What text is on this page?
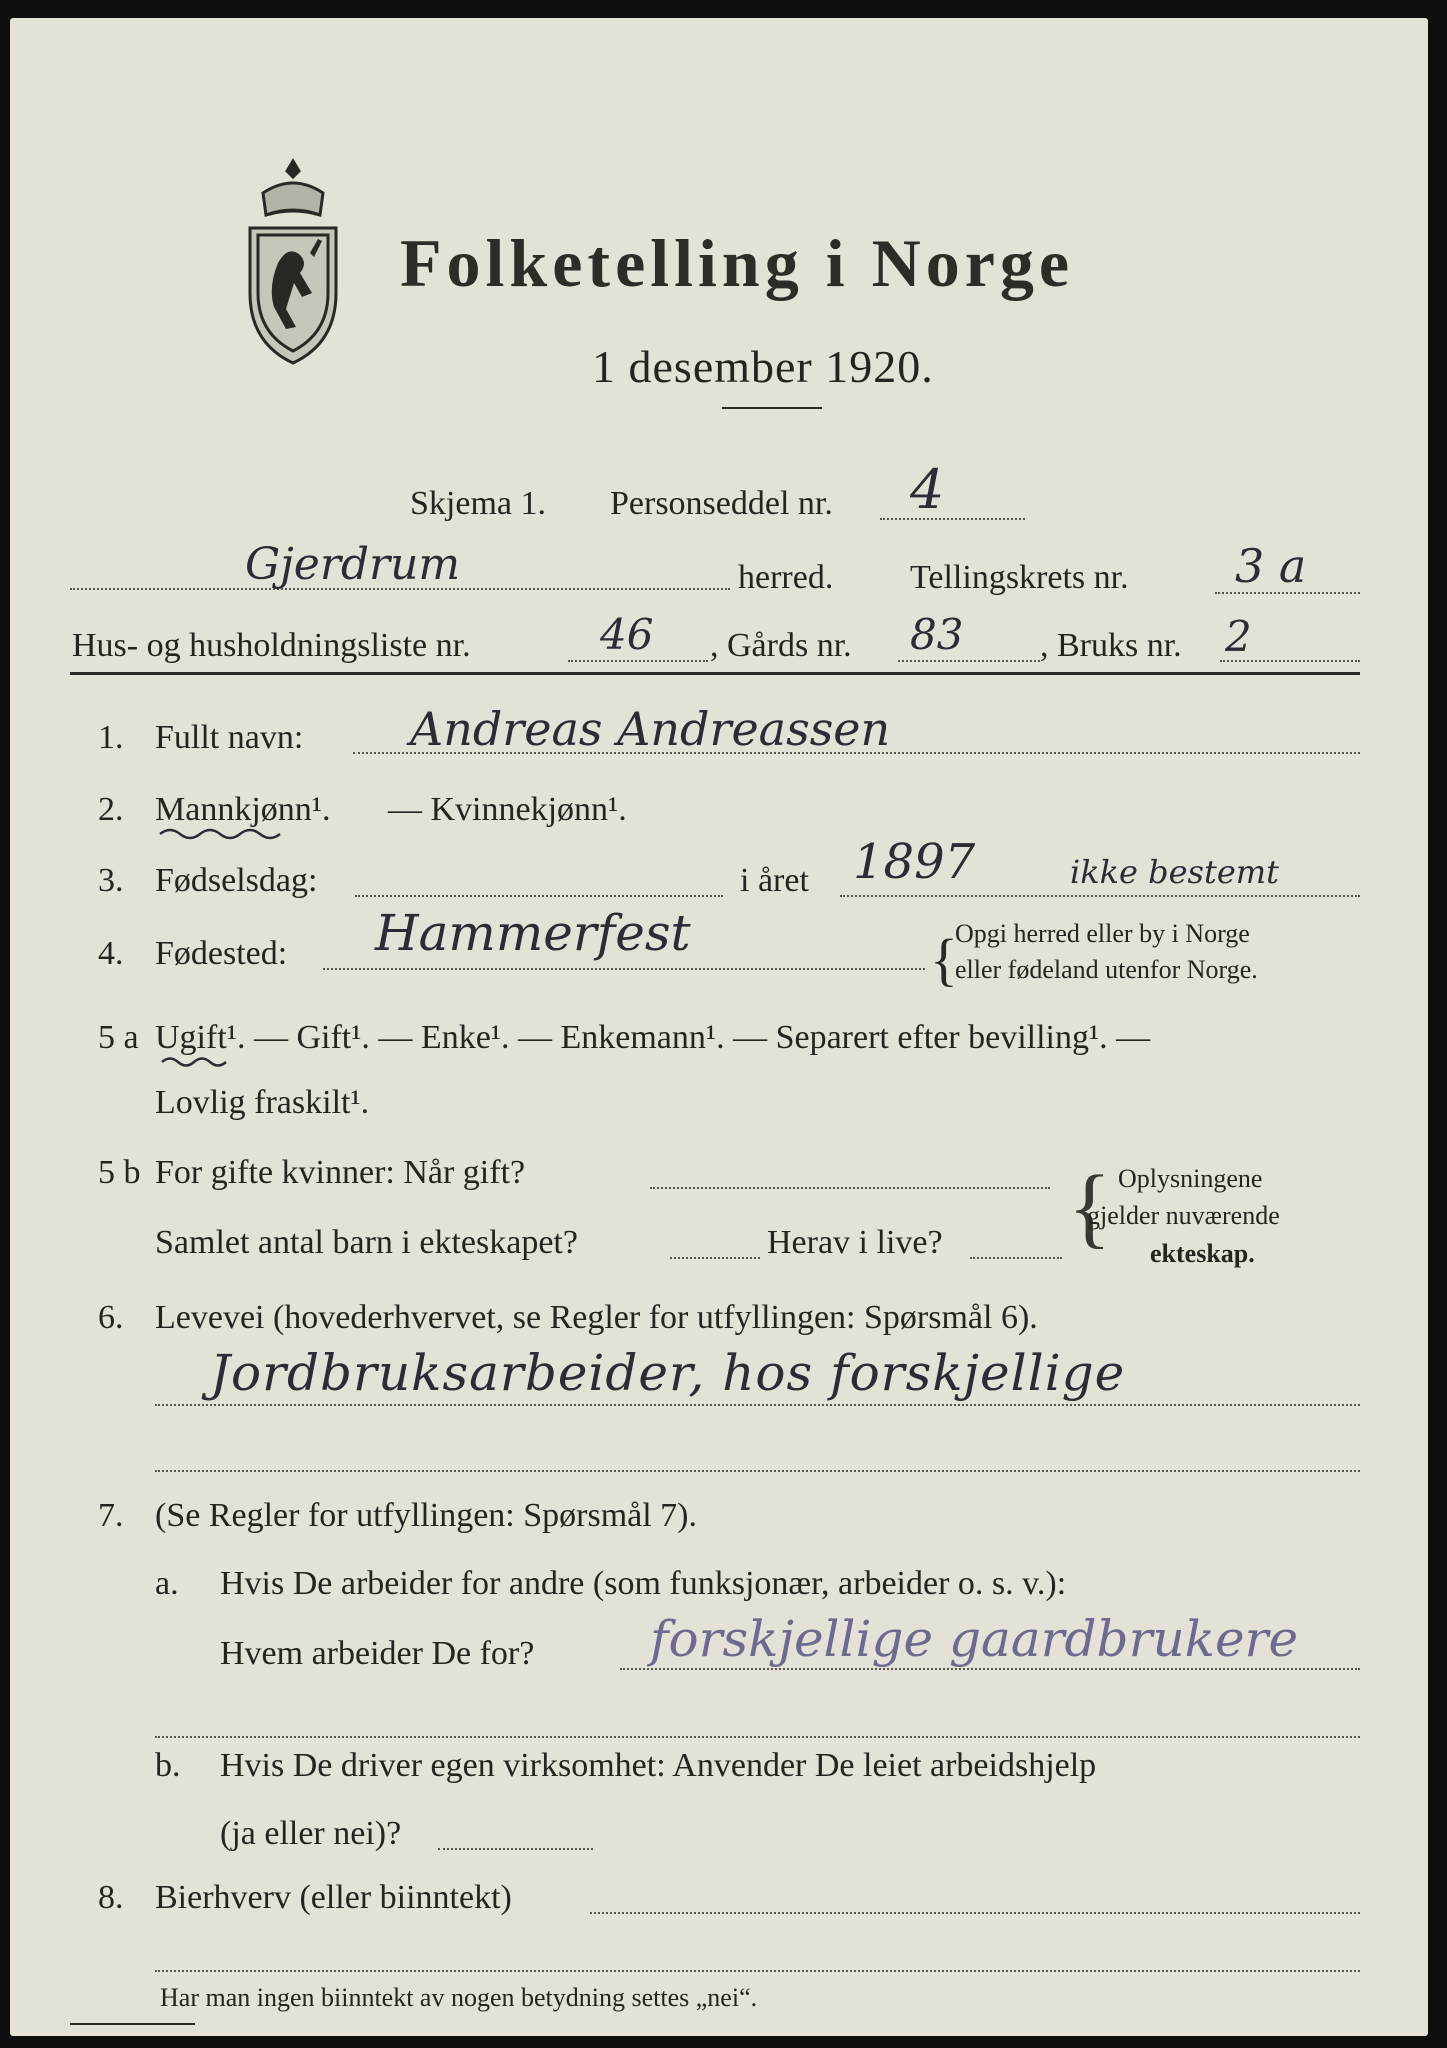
Folketelling i Norge
1 desember 1920.
Skjema 1. Personseddel nr. 4
Gjerdrum	herred. Tellingskrets nr. 3 a
Hus- og husholdningsliste nr.	46 , Gårds nr. 83 , Bruks nr. 2
1. Fullt navn: Andreas Andreassen
2. Mannkjønn¹. — Kvinnekjønn¹.
3. Fødselsdag:	i året 1897	ikke bestemt
4. Fødested: Hammerfest	{
Opgi herred eller by i Norge
eller fødeland utenfor Norge.
5 a Ugift¹. — Gift¹. — Enke¹. — Enkemann¹. — Separert efter bevilling¹. —
Lovlig fraskilt¹.
5 b For gifte kvinner: Når gift?
Samlet antal barn i ekteskapet?	Herav i live? { Oplysningene
gjelder nuværende
ekteskap.
6. Levevei (hovederhvervet, se Regler for utfyllingen: Spørsmål 6).
Jordbruksarbeider, hos forskjellige
7. (Se Regler for utfyllingen: Spørsmål 7).
a. Hvis De arbeider for andre (som funksjonær, arbeider o. s. v.):
Hvem arbeider De for? forskjellige gaardbrukere
b. Hvis De driver egen virksomhet: Anvender De leiet arbeidshjelp
(ja eller nei)?
8. Bierhverv (eller biinntekt)
Har man ingen biinntekt av nogen betydning settes „nei“.
